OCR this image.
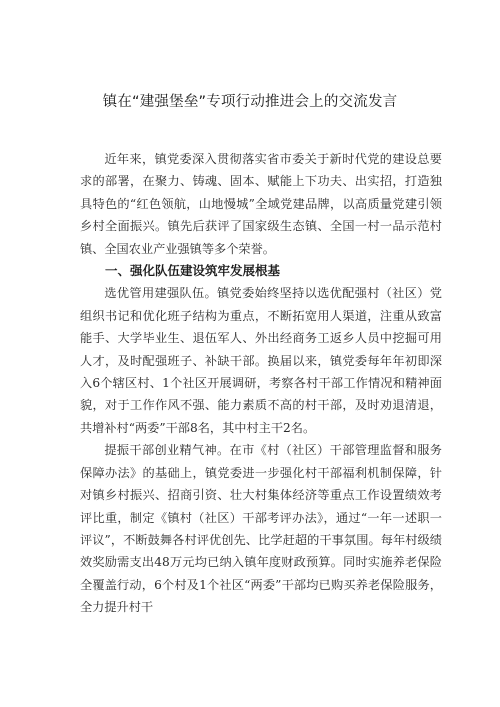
镇在“建强堡垒”专项行动推进会上的交流发言

近年来，镇党委深入贯彻落实省市委关于新时代党的建设总要求的部署，在聚力、铸魂、固本、赋能上下功夫、出实招，打造独具特色的“红色领航，山地慢城”全域党建品牌，以高质量党建引领乡村全面振兴。镇先后获评了国家级生态镇、全国一村一品示范村镇、全国农业产业强镇等多个荣誉。

一、强化队伍建设筑牢发展根基

选优管用建强队伍。镇党委始终坚持以选优配强村（社区）党组织书记和优化班子结构为重点，不断拓宽用人渠道，注重从致富能手、大学毕业生、退伍军人、外出经商务工返乡人员中挖掘可用人才，及时配强班子、补缺干部。换届以来，镇党委每年年初即深入6个辖区村、1个社区开展调研，考察各村干部工作情况和精神面貌，对于工作作风不强、能力素质不高的村干部，及时劝退清退，共增补村“两委”干部8名，其中村主干2名。

提振干部创业精气神。在市《村（社区）干部管理监督和服务保障办法》的基础上，镇党委进一步强化村干部福利机制保障，针对镇乡村振兴、招商引资、壮大村集体经济等重点工作设置绩效考评比重，制定《镇村（社区）干部考评办法》，通过“一年一述职一评议”，不断鼓舞各村评优创先、比学赶超的干事氛围。每年村级绩效奖励需支出48万元均已纳入镇年度财政预算。同时实施养老保险全覆盖行动，6个村及1个社区“两委”干部均已购买养老保险服务，全力提升村干
